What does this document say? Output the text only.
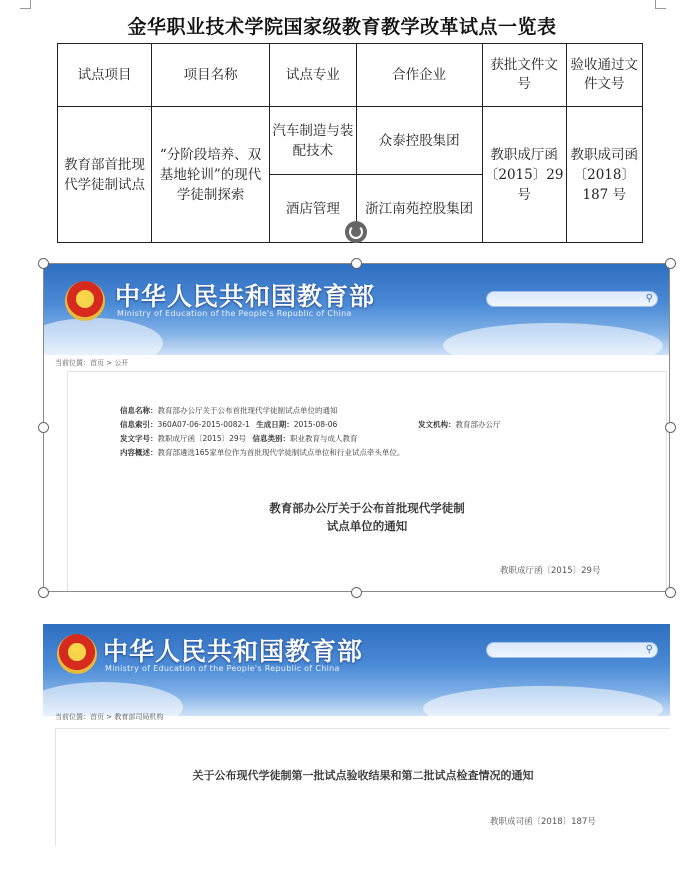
金华职业技术学院国家级教育教学改革试点一览表
试点项目	项目名称	试点专业	合作企业	获批文件文号	验收通过文件文号
教育部首批现代学徒制试点	“分阶段培养、双基地轮训”的现代学徒制探索	汽车制造与装配技术	众泰控股集团	教职成厅函〔2015〕29 号	教职成司函〔2018〕187 号
		酒店管理	浙江南苑控股集团		
★ 中华人民共和国教育部
Ministry of Education of the People's Republic of China
⚲
当前位置：首页 > 公开
信息名称：教育部办公厅关于公布首批现代学徒制试点单位的通知
信息索引：360A07-06-2015-0082-1 生成日期：2015-08-06	发文机构：教育部办公厅
发文字号：教职成厅函〔2015〕29号 信息类别：职业教育与成人教育
内容概述：教育部遴选165家单位作为首批现代学徒制试点单位和行业试点牵头单位。
教育部办公厅关于公布首批现代学徒制
试点单位的通知
教职成厅函〔2015〕29号
★ 中华人民共和国教育部
Ministry of Education of the People's Republic of China
⚲
当前位置：首页 > 教育部司局机构
关于公布现代学徒制第一批试点验收结果和第二批试点检查情况的通知
教职成司函〔2018〕187号
